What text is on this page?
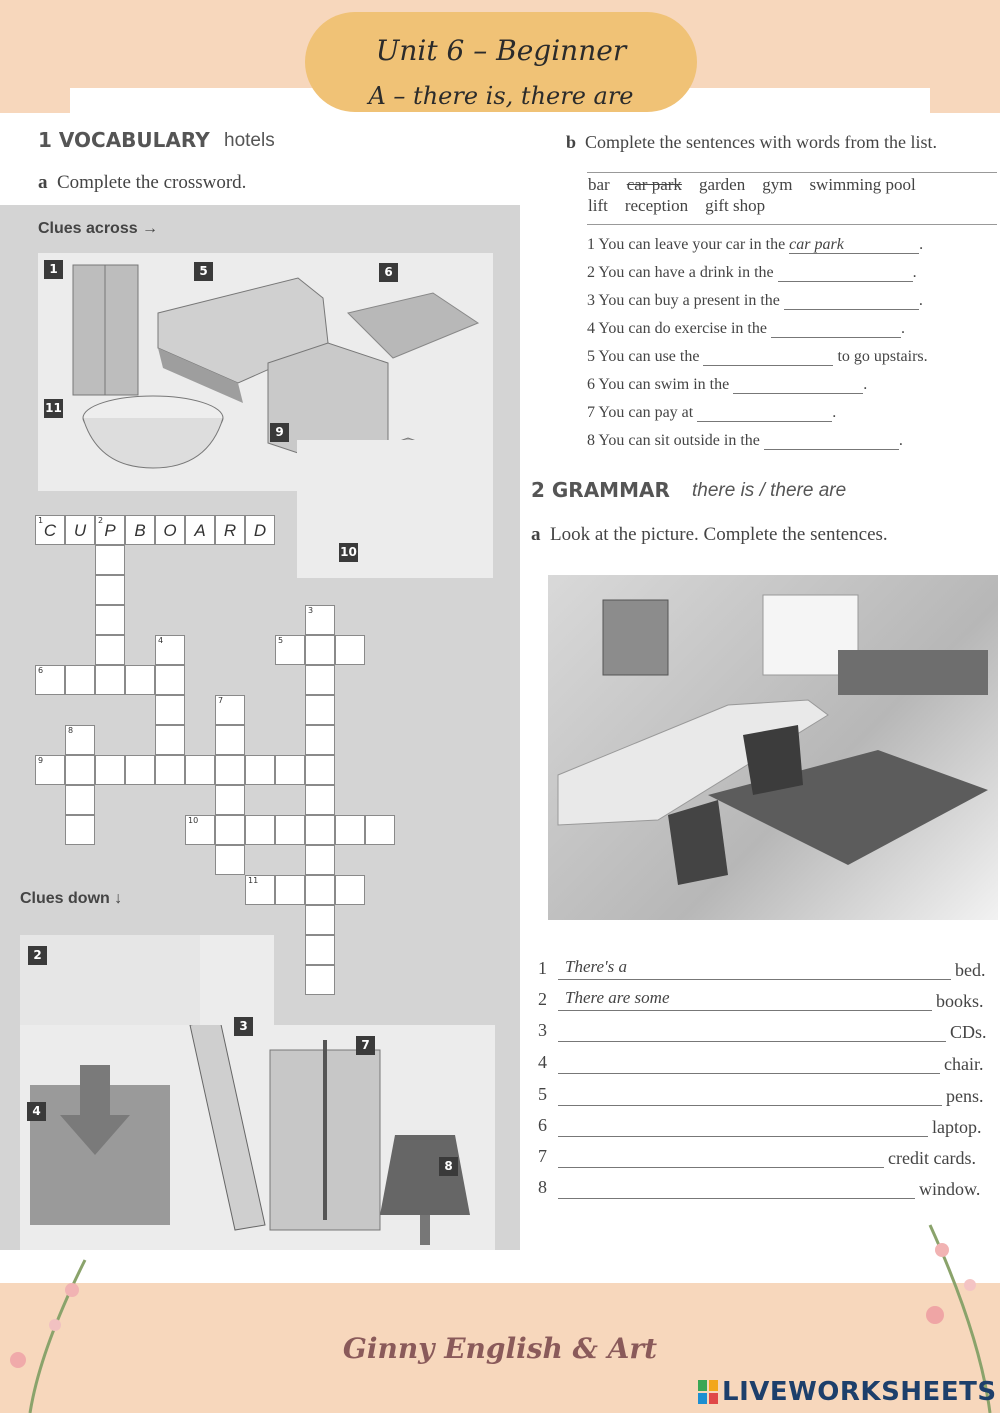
Unit 6 – Beginner
A – there is, there are
1 VOCABULARY hotels
a Complete the crossword.
Clues across →
1	5	6
11
9
10
1
C	U
2
P	B	O	A	R	D
6
4
3
5
7
8
9
10
11
Clues down ↓
2
3
7
4
8
b Complete the sentences with words from the list.
bar car park garden gym swimming pool
lift reception gift shop
1 You can leave your car in the car park	.
2 You can have a drink in the	.
3 You can buy a present in the	.
4 You can do exercise in the	.
5 You can use the	to go upstairs.
6 You can swim in the	.
7 You can pay at	.
8 You can sit outside in the	.
2 GRAMMAR there is / there are
a Look at the picture. Complete the sentences.
1 There's a	bed.
2 There are some	books.
3	CDs.
4	chair.
5	pens.
6	laptop.
7	credit cards.
8	window.
Ginny English & Art
LIVEWORKSHEETS
